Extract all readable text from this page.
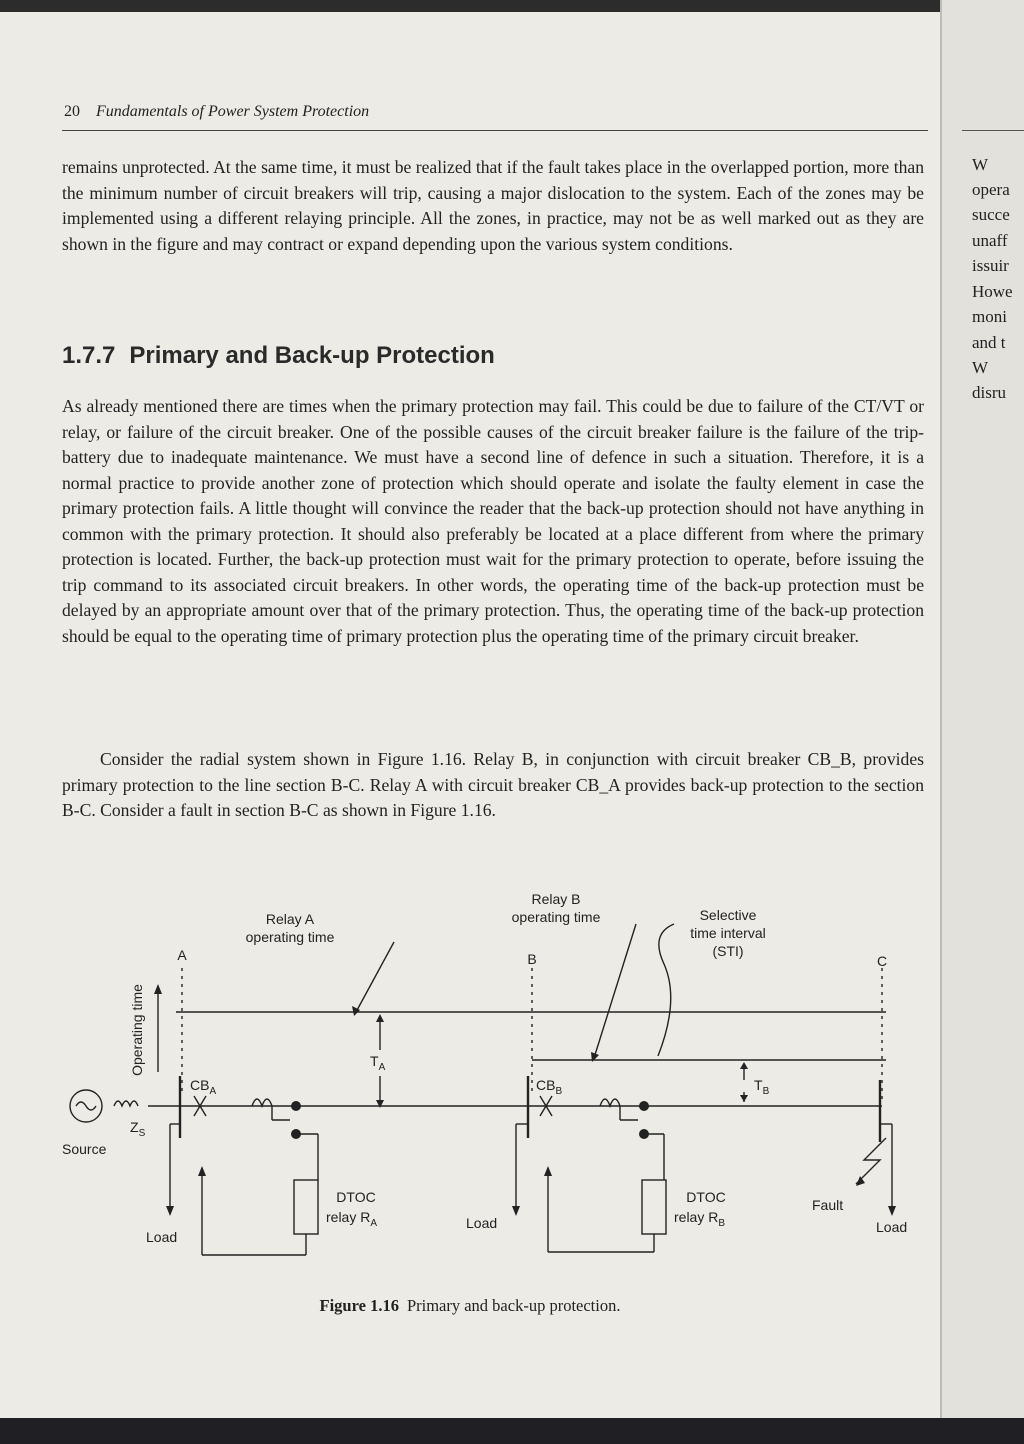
20 Fundamentals of Power System Protection

remains unprotected. At the same time, it must be realized that if the fault takes place in the overlapped portion, more than the minimum number of circuit breakers will trip, causing a major dislocation to the system. Each of the zones may be implemented using a different relaying principle. All the zones, in practice, may not be as well marked out as they are shown in the figure and may contract or expand depending upon the various system conditions.

1.7.7 Primary and Back-up Protection

As already mentioned there are times when the primary protection may fail. This could be due to failure of the CT/VT or relay, or failure of the circuit breaker. One of the possible causes of the circuit breaker failure is the failure of the trip-battery due to inadequate maintenance. We must have a second line of defence in such a situation. Therefore, it is a normal practice to provide another zone of protection which should operate and isolate the faulty element in case the primary protection fails. A little thought will convince the reader that the back-up protection should not have anything in common with the primary protection. It should also preferably be located at a place different from where the primary protection is located. Further, the back-up protection must wait for the primary protection to operate, before issuing the trip command to its associated circuit breakers. In other words, the operating time of the back-up protection must be delayed by an appropriate amount over that of the primary protection. Thus, the operating time of the back-up protection should be equal to the operating time of primary protection plus the operating time of the primary circuit breaker.

Consider the radial system shown in Figure 1.16. Relay B, in conjunction with circuit breaker CB_B, provides primary protection to the line section B-C. Relay A with circuit breaker CB_A provides back-up protection to the section B-C. Consider a fault in section B-C as shown in Figure 1.16.

Relay A
operating time
Relay B
operating time	Selective
time interval
(STI)
A	B	C
Operating time	$T_A$
$T_B$
$CB_A$	$CB_B$
$Z_S$
Source
Load
Load	Load
DTOC
relay $R_A$
DTOC
relay $R_B$
Fault
Figure 1.16 Primary and back-up protection.
W
opera
succe
unaff
issuir
Howe
moni
and t
W
disru
